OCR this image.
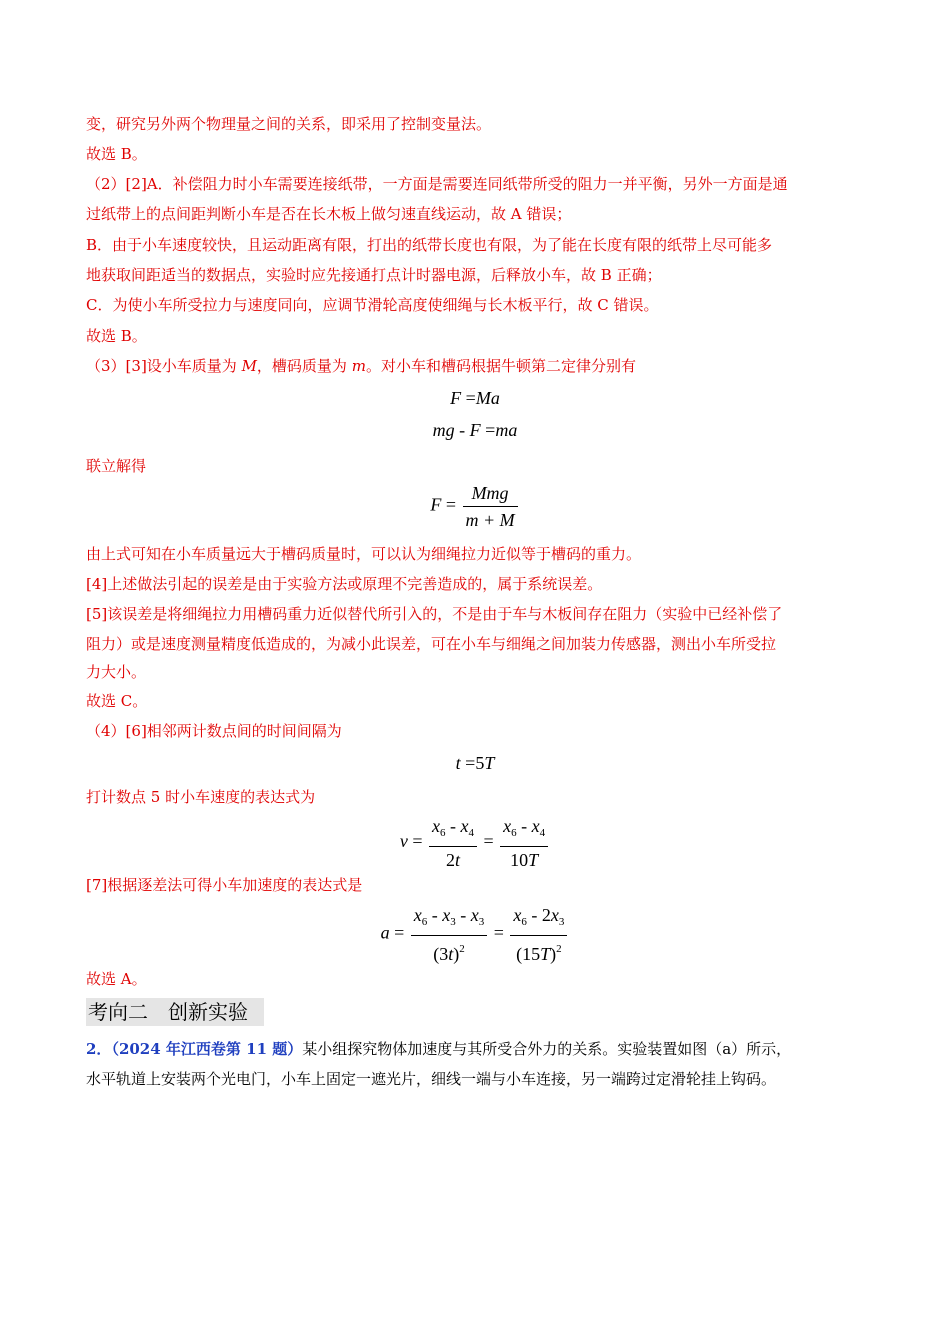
变，研究另外两个物理量之间的关系，即采用了控制变量法。
故选 B。
（2）[2]A．补偿阻力时小车需要连接纸带，一方面是需要连同纸带所受的阻力一并平衡，另外一方面是通
过纸带上的点间距判断小车是否在长木板上做匀速直线运动，故 A 错误；
B．由于小车速度较快，且运动距离有限，打出的纸带长度也有限，为了能在长度有限的纸带上尽可能多
地获取间距适当的数据点，实验时应先接通打点计时器电源，后释放小车，故 B 正确；
C．为使小车所受拉力与速度同向，应调节滑轮高度使细绳与长木板平行，故 C 错误。
故选 B。
（3）[3]设小车质量为 M，槽码质量为 m。对小车和槽码根据牛顿第二定律分别有
F =Ma
mg - F =ma
联立解得
$F = \frac{\text{Mmg}}{m + M}$
由上式可知在小车质量远大于槽码质量时，可以认为细绳拉力近似等于槽码的重力。
[4]上述做法引起的误差是由于实验方法或原理不完善造成的，属于系统误差。
[5]该误差是将细绳拉力用槽码重力近似替代所引入的，不是由于车与木板间存在阻力（实验中已经补偿了
阻力）或是速度测量精度低造成的，为减小此误差，可在小车与细绳之间加装力传感器，测出小车所受拉
力大小。
故选 C。
（4）[6]相邻两计数点间的时间间隔为
t =5T
打计数点 5 时小车速度的表达式为
$v = \frac{x_6 - x_4}{2t} = \frac{x_6 - x_4}{10T}$
[7]根据逐差法可得小车加速度的表达式是
$a = \frac{x_6 - x_3 - x_3}{(3t)^2} = \frac{x_6 - 2x_3}{(15T)^2}$
故选 A。
考向二　创新实验
2．（2024 年江西卷第 11 题）某小组探究物体加速度与其所受合外力的关系。实验装置如图（a）所示，
水平轨道上安装两个光电门，小车上固定一遮光片，细线一端与小车连接，另一端跨过定滑轮挂上钩码。
